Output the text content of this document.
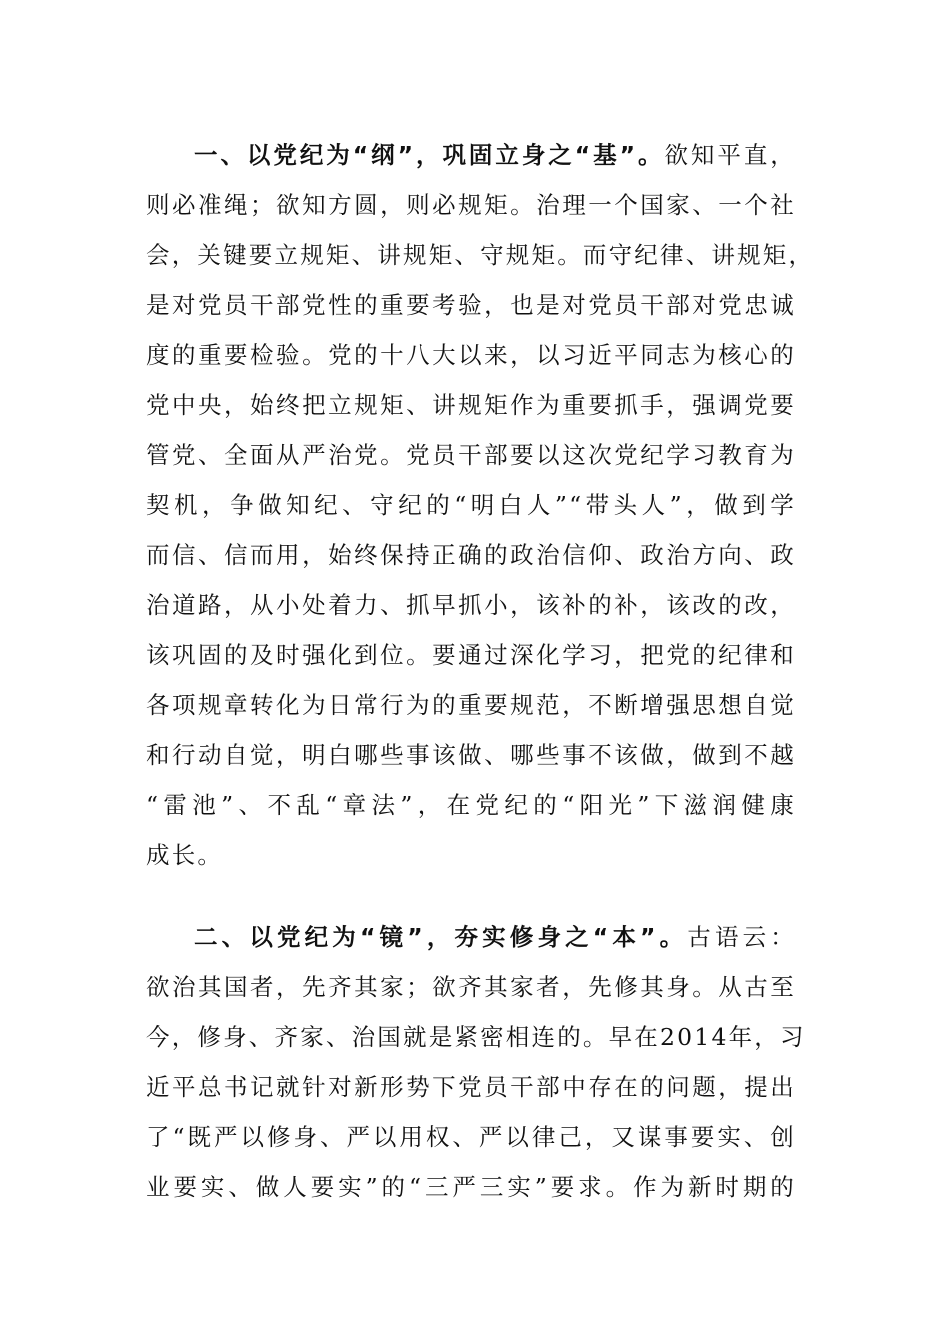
一、以党纪为“纲”，巩固立身之“基”。欲知平直，
则必准绳；欲知方圆，则必规矩。治理一个国家、一个社
会，关键要立规矩、讲规矩、守规矩。而守纪律、讲规矩，
是对党员干部党性的重要考验，也是对党员干部对党忠诚
度的重要检验。党的十八大以来，以习近平同志为核心的
党中央，始终把立规矩、讲规矩作为重要抓手，强调党要
管党、全面从严治党。党员干部要以这次党纪学习教育为
契机，争做知纪、守纪的“明白人”“带头人”，做到学
而信、信而用，始终保持正确的政治信仰、政治方向、政
治道路，从小处着力、抓早抓小，该补的补，该改的改，
该巩固的及时强化到位。要通过深化学习，把党的纪律和
各项规章转化为日常行为的重要规范，不断增强思想自觉
和行动自觉，明白哪些事该做、哪些事不该做，做到不越
“雷池”、不乱“章法”，在党纪的“阳光”下滋润健康
成长。
二、以党纪为“镜”，夯实修身之“本”。古语云：
欲治其国者，先齐其家；欲齐其家者，先修其身。从古至
今，修身、齐家、治国就是紧密相连的。早在2014年，习
近平总书记就针对新形势下党员干部中存在的问题，提出
了“既严以修身、严以用权、严以律己，又谋事要实、创
业要实、做人要实”的“三严三实”要求。作为新时期的
